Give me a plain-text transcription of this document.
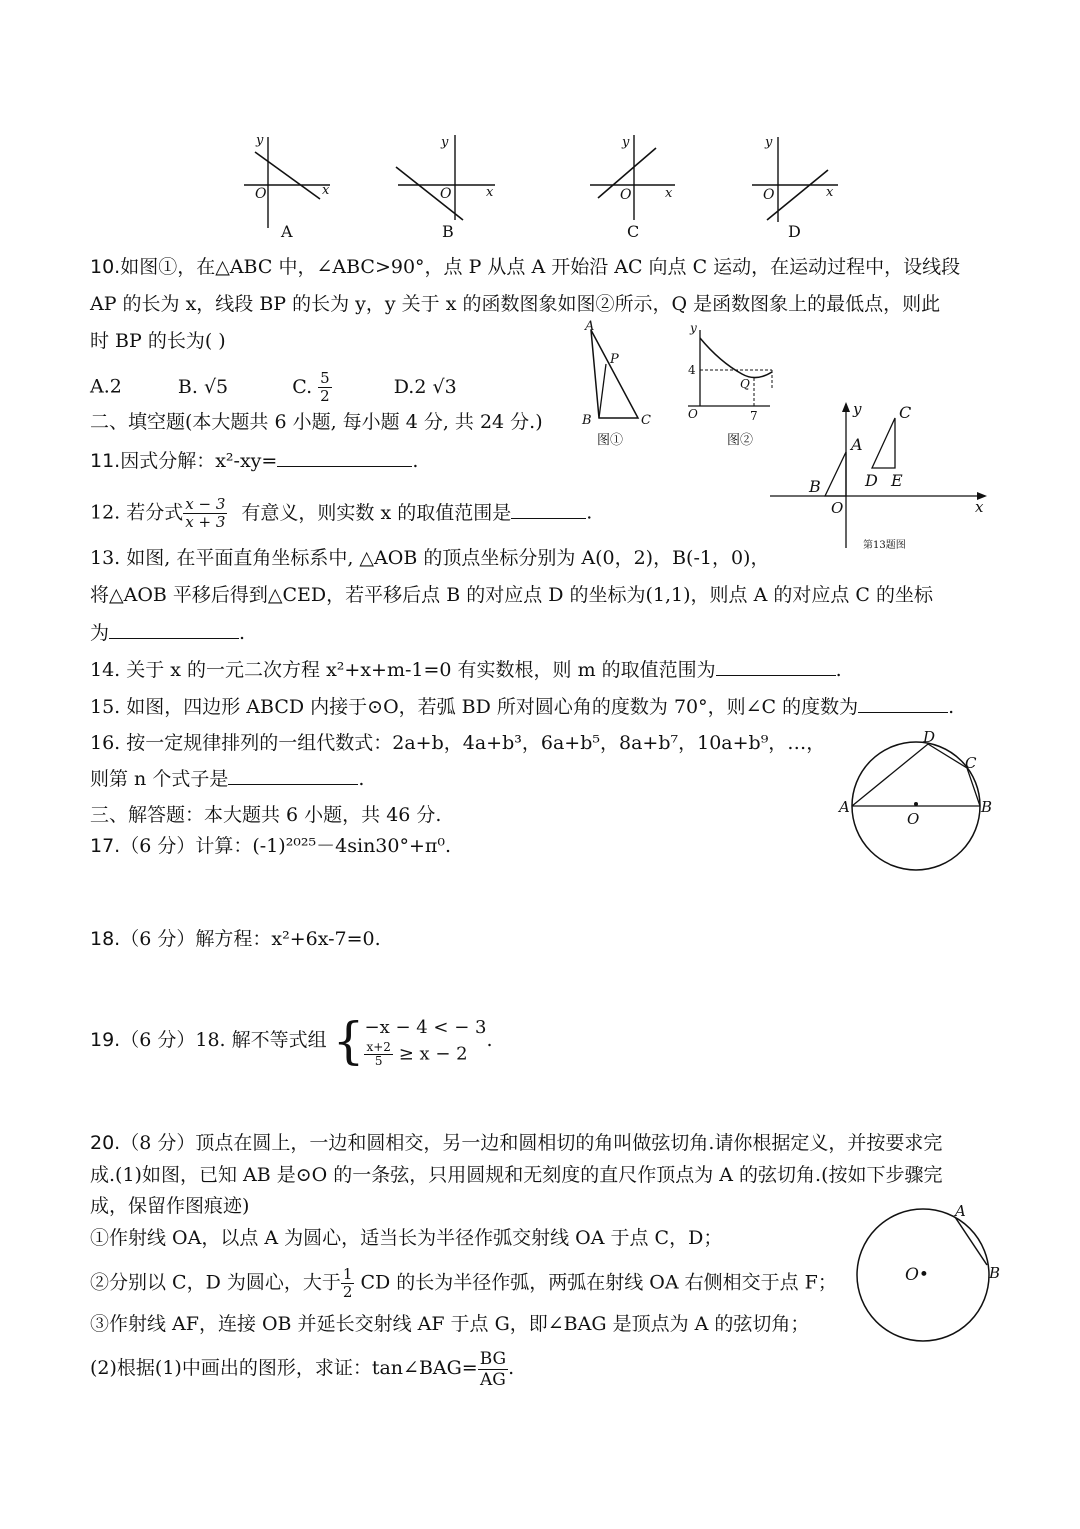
y
x
O
A
y
x
O
B
y
x
O
C
y
x
O
D
10.如图①，在△ABC 中，∠ABC>90°，点 P 从点 A 开始沿 AC 向点 C 运动，在运动过程中，设线段
AP 的长为 x，线段 BP 的长为 y，y 关于 x 的函数图象如图②所示，Q 是函数图象上的最低点，则此
时 BP 的长为( )
A.2	B. √5	C. $\frac{5}{2}$	D.2 √3
A
P
B	C
图①
y
4
Q
O	7
图②
二、填空题(本大题共 6 小题, 每小题 4 分, 共 24 分.)
11.因式分解：x²-xy=	.
12. 若分式 $\frac{x - 3}{x + 3}$ 有意义，则实数 x 的取值范围是	.
y
x
O
A
B
C
D E
第13题图
13. 如图, 在平面直角坐标系中, △AOB 的顶点坐标分别为 A(0，2)，B(-1，0)，
将△AOB 平移后得到△CED，若平移后点 B 的对应点 D 的坐标为(1,1)，则点 A 的对应点 C 的坐标
为	.
14. 关于 x 的一元二次方程 x²+x+m-1=0 有实数根，则 m 的取值范围为	.
15. 如图，四边形 ABCD 内接于⊙O，若弧 BD 所对圆心角的度数为 70°，则∠C 的度数为	.
16. 按一定规律排列的一组代数式：2a+b，4a+b³，6a+b⁵，8a+b⁷，10a+b⁹，…，
则第 n 个式子是	.
A	B
C
D
O
三、解答题：本大题共 6 小题，共 46 分.
17.（6 分）计算：(-1)²⁰²⁵－4sin30°+π⁰.
18.（6 分）解方程：x²+6x-7=0.
19.（6 分）18. 解不等式组 { −x − 4 < − 3
$\frac{x+2}{5} \ge x - 2$
.
20.（8 分）顶点在圆上，一边和圆相交，另一边和圆相切的角叫做弦切角.请你根据定义，并按要求完
成.(1)如图，已知 AB 是⊙O 的一条弦，只用圆规和无刻度的直尺作顶点为 A 的弦切角.(按如下步骤完
成，保留作图痕迹)
①作射线 OA，以点 A 为圆心，适当长为半径作弧交射线 OA 于点 C，D；
②分别以 C，D 为圆心，大于 $\frac{1}{2}$ CD 的长为半径作弧，两弧在射线 OA 右侧相交于点 F；
③作射线 AF，连接 OB 并延长交射线 AF 于点 G，即∠BAG 是顶点为 A 的弦切角；
(2)根据(1)中画出的图形，求证：tan∠BAG= $\frac{BG}{AG}$ .
O•
A
B
